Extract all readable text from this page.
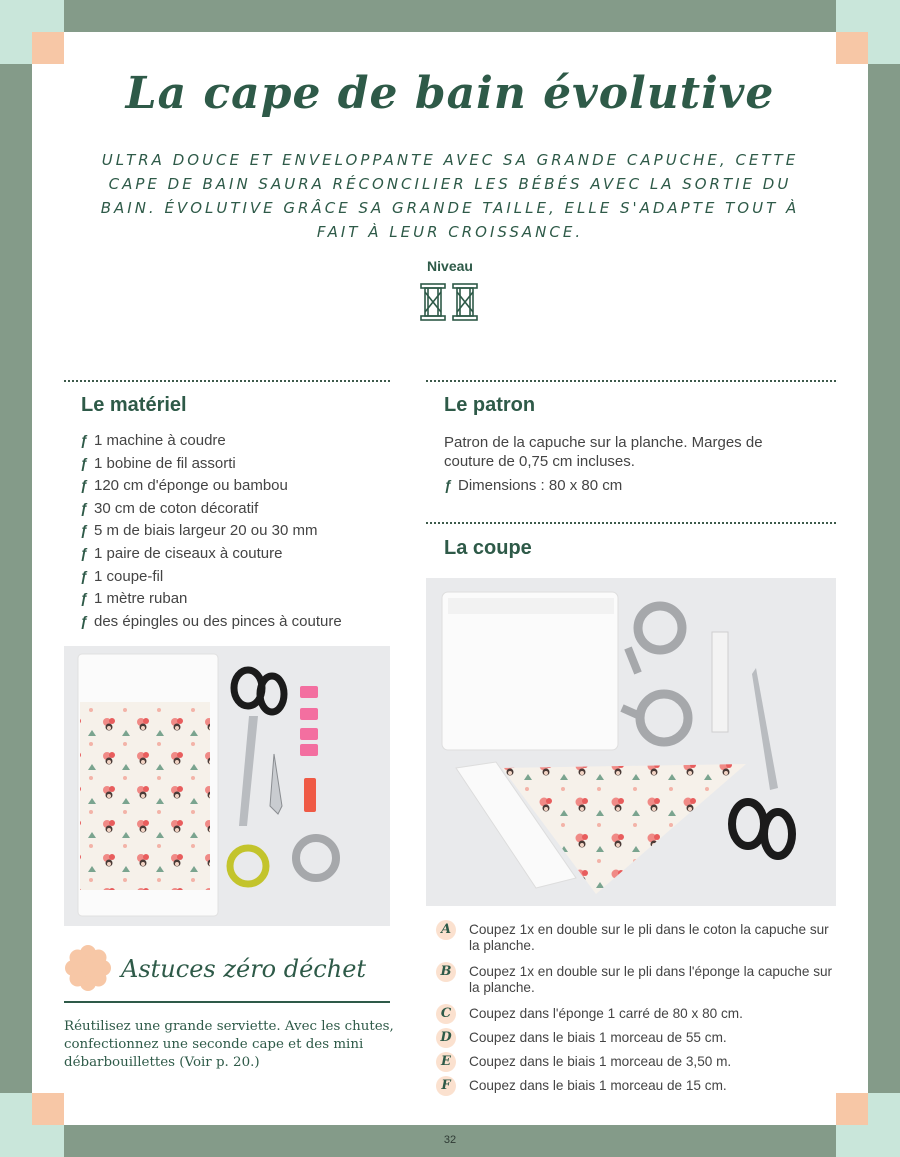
La cape de bain évolutive

ULTRA DOUCE ET ENVELOPPANTE AVEC SA GRANDE CAPUCHE, CETTE CAPE DE BAIN SAURA RÉCONCILIER LES BÉBÉS AVEC LA SORTIE DU BAIN. ÉVOLUTIVE GRÂCE SA GRANDE TAILLE, ELLE S'ADAPTE TOUT À FAIT À LEUR CROISSANCE.

Niveau
Le matériel
ƒ 1 machine à coudre
ƒ 1 bobine de fil assorti
ƒ 120 cm d'éponge ou bambou
ƒ 30 cm de coton décoratif
ƒ 5 m de biais largeur 20 ou 30 mm
ƒ 1 paire de ciseaux à couture
ƒ 1 coupe-fil
ƒ 1 mètre ruban
ƒ des épingles ou des pinces à couture
Astuces zéro déchet

Réutilisez une grande serviette. Avec les chutes, confectionnez une seconde cape et des mini débarbouillettes (Voir p. 20.)

Le patron

Patron de la capuche sur la planche. Marges de couture de 0,75 cm incluses.

ƒ Dimensions : 80 x 80 cm
La coupe
A	Coupez 1x en double sur le pli dans le coton la capuche sur la planche.
B	Coupez 1x en double sur le pli dans l'éponge la capuche sur la planche.
C	Coupez dans l'éponge 1 carré de 80 x 80 cm.
D	Coupez dans le biais 1 morceau de 55 cm.
E	Coupez dans le biais 1 morceau de 3,50 m.
F	Coupez dans le biais 1 morceau de 15 cm.
32
